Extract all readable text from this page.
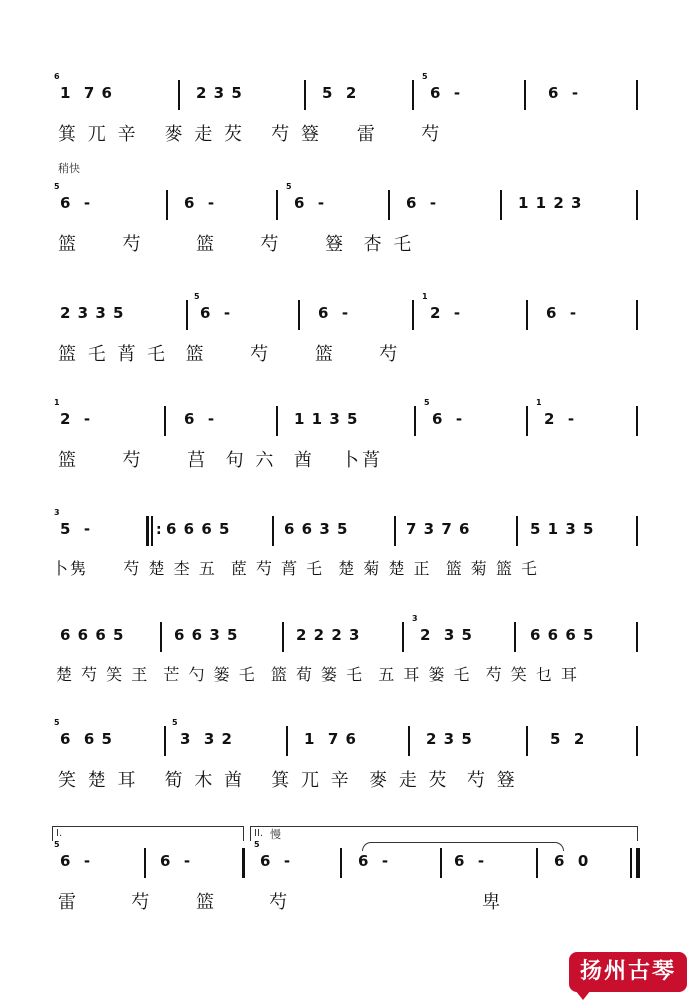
6
1  7 6	2 3 5	5  2
5
6  -	6  -
箕 兀 辛   麥 走 芡   芍 簦    雷     芍
稍快
5
6  -	6  -
5
6  -	6  -	1 1 2 3
篮     芍      篮     芍     簦  杏 乇
2 3 3 5
5
6  -	6  -
1
2  -	6  -
篮 乇 莦 乇  篮     芍     篮     芍
1
2  -	6  -	1 1 3 5
5
6  -
1
2  -
篮     芍     莒  句 六  酋   卜莦
3
5  -
:	6 6 6 5	6 6 3 5	7 3 7 6	5 1 3 5
卜隽     芍 楚 杢 五  茝 芍 莦 乇  楚 菊 楚 正  篮 菊 篮 乇
6 6 6 5	6 6 3 5	2 2 2 3
3
2  3 5	6 6 6 5
楚 芍 笑 玊  芒 勺 篓 乇  篮 荀 篓 乇  五 耳 篓 乇  芍 笑 乜 耳
5
6  6 5
5
3  3 2	1  7 6	2 3 5	5  2
笑 楚 耳   筍 木 酋   箕 兀 辛  麥 走 芡  芍 簦
I.	II. 慢
5
6  -	6  -
5
6  -	6  -	6  -	6  0
雷      芍     篮      芍                      卑
扬州古琴
